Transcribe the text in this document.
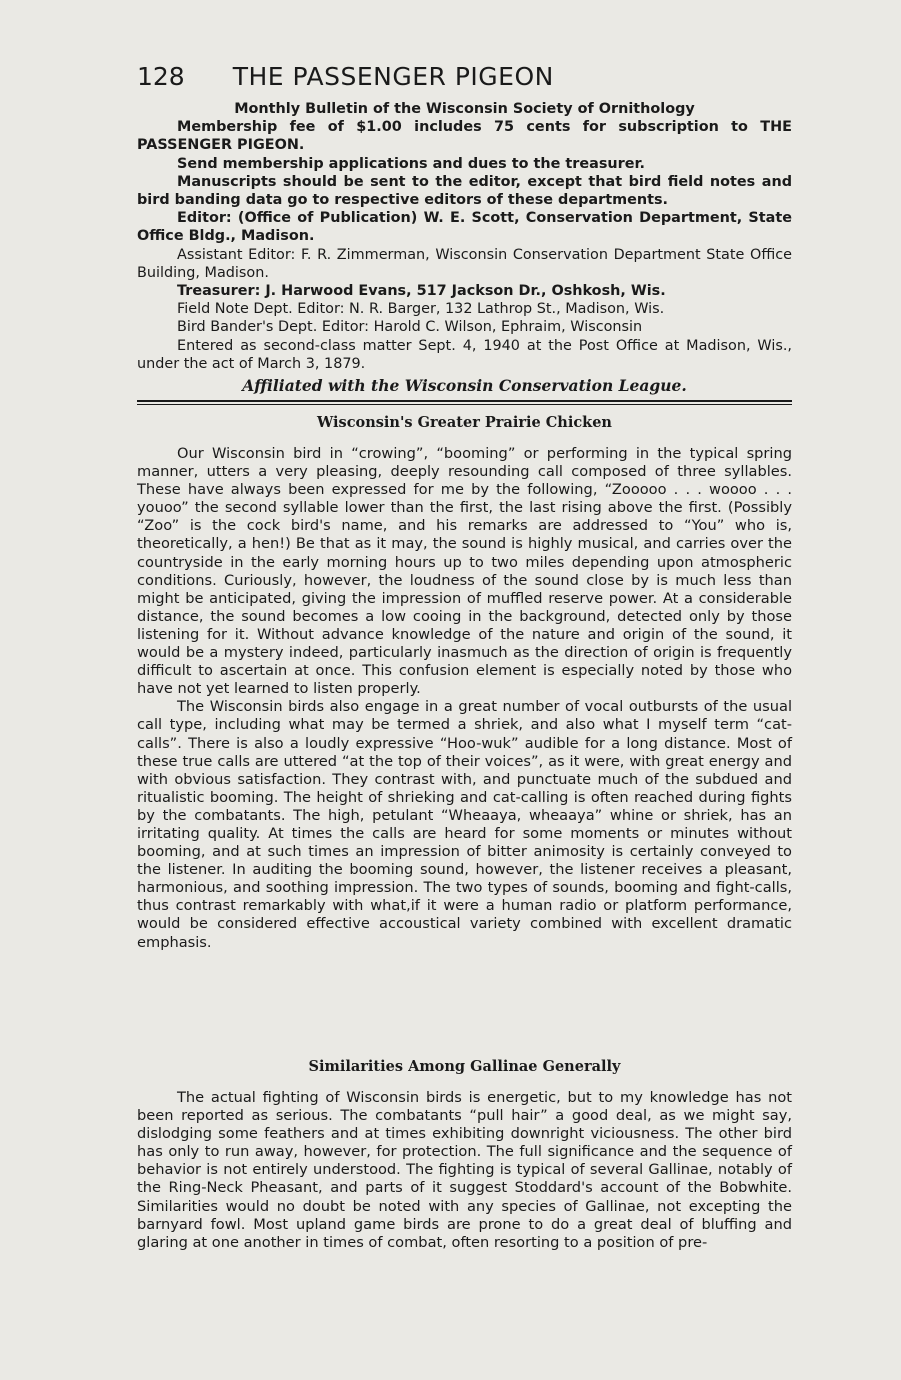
128 THE PASSENGER PIGEON

Monthly Bulletin of the Wisconsin Society of Ornithology

Membership fee of $1.00 includes 75 cents for subscription to THE PASSENGER PIGEON.

Send membership applications and dues to the treasurer.

Manuscripts should be sent to the editor, except that bird field notes and bird banding data go to respective editors of these departments.

Editor: (Office of Publication) W. E. Scott, Conservation Department, State Office Bldg., Madison.

Assistant Editor: F. R. Zimmerman, Wisconsin Conservation Department State Office Building, Madison.

Treasurer: J. Harwood Evans, 517 Jackson Dr., Oshkosh, Wis.

Field Note Dept. Editor: N. R. Barger, 132 Lathrop St., Madison, Wis.

Bird Bander's Dept. Editor: Harold C. Wilson, Ephraim, Wisconsin

Entered as second-class matter Sept. 4, 1940 at the Post Office at Madison, Wis., under the act of March 3, 1879.

Affiliated with the Wisconsin Conservation League.
Wisconsin's Greater Prairie Chicken

Our Wisconsin bird in “crowing”, “booming” or performing in the typical spring manner, utters a very pleasing, deeply resounding call composed of three syllables. These have always been expressed for me by the following, “Zooooo . . . woooo . . . youoo” the second syllable lower than the first, the last rising above the first. (Possibly “Zoo” is the cock bird's name, and his remarks are addressed to “You” who is, theoretically, a hen!) Be that as it may, the sound is highly musical, and carries over the countryside in the early morning hours up to two miles depending upon atmospheric conditions. Curiously, however, the loudness of the sound close by is much less than might be anticipated, giving the impression of muffled reserve power. At a considerable distance, the sound becomes a low cooing in the background, detected only by those listening for it. Without advance knowledge of the nature and origin of the sound, it would be a mystery indeed, particularly inasmuch as the direction of origin is frequently difficult to ascertain at once. This confusion element is especially noted by those who have not yet learned to listen properly.

The Wisconsin birds also engage in a great number of vocal outbursts of the usual call type, including what may be termed a shriek, and also what I myself term “cat-calls”. There is also a loudly expressive “Hoo-wuk” audible for a long distance. Most of these true calls are uttered “at the top of their voices”, as it were, with great energy and with obvious satisfaction. They contrast with, and punctuate much of the subdued and ritualistic booming. The height of shrieking and cat-calling is often reached during fights by the combatants. The high, petulant “Wheaaya, wheaaya” whine or shriek, has an irritating quality. At times the calls are heard for some moments or minutes without booming, and at such times an impression of bitter animosity is certainly conveyed to the listener. In auditing the booming sound, however, the listener receives a pleasant, harmonious, and soothing impression. The two types of sounds, booming and fight-calls, thus contrast remarkably with what,if it were a human radio or platform performance, would be considered effective accoustical variety combined with excellent dramatic emphasis.

Similarities Among Gallinae Generally

The actual fighting of Wisconsin birds is energetic, but to my knowledge has not been reported as serious. The combatants “pull hair” a good deal, as we might say, dislodging some feathers and at times exhibiting downright viciousness. The other bird has only to run away, however, for protection. The full significance and the sequence of behavior is not entirely understood. The fighting is typical of several Gallinae, notably of the Ring-Neck Pheasant, and parts of it suggest Stoddard's account of the Bobwhite. Similarities would no doubt be noted with any species of Gallinae, not excepting the barnyard fowl. Most upland game birds are prone to do a great deal of bluffing and glaring at one another in times of combat, often resorting to a position of pre-
